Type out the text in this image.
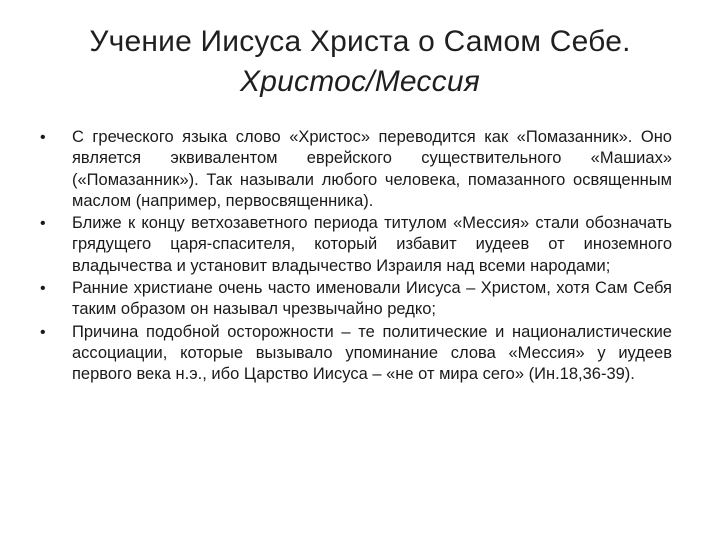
Учение Иисуса Христа о Самом Себе.
Христос/Мессия
• С греческого языка слово «Христос» переводится как «Помазанник». Оно является эквивалентом еврейского существительного «Машиах» («Помазанник»). Так называли любого человека, помазанного освященным маслом (например, первосвященника).
• Ближе к концу ветхозаветного периода титулом «Мессия» стали обозначать грядущего царя-спасителя, который избавит иудеев от иноземного владычества и установит владычество Израиля над всеми народами;
• Ранние христиане очень часто именовали Иисуса – Христом, хотя Сам Себя таким образом он называл чрезвычайно редко;
• Причина подобной осторожности – те политические и националистические ассоциации, которые вызывало упоминание слова «Мессия» у иудеев первого века н.э., ибо Царство Иисуса – «не от мира сего» (Ин.18,36-39).
